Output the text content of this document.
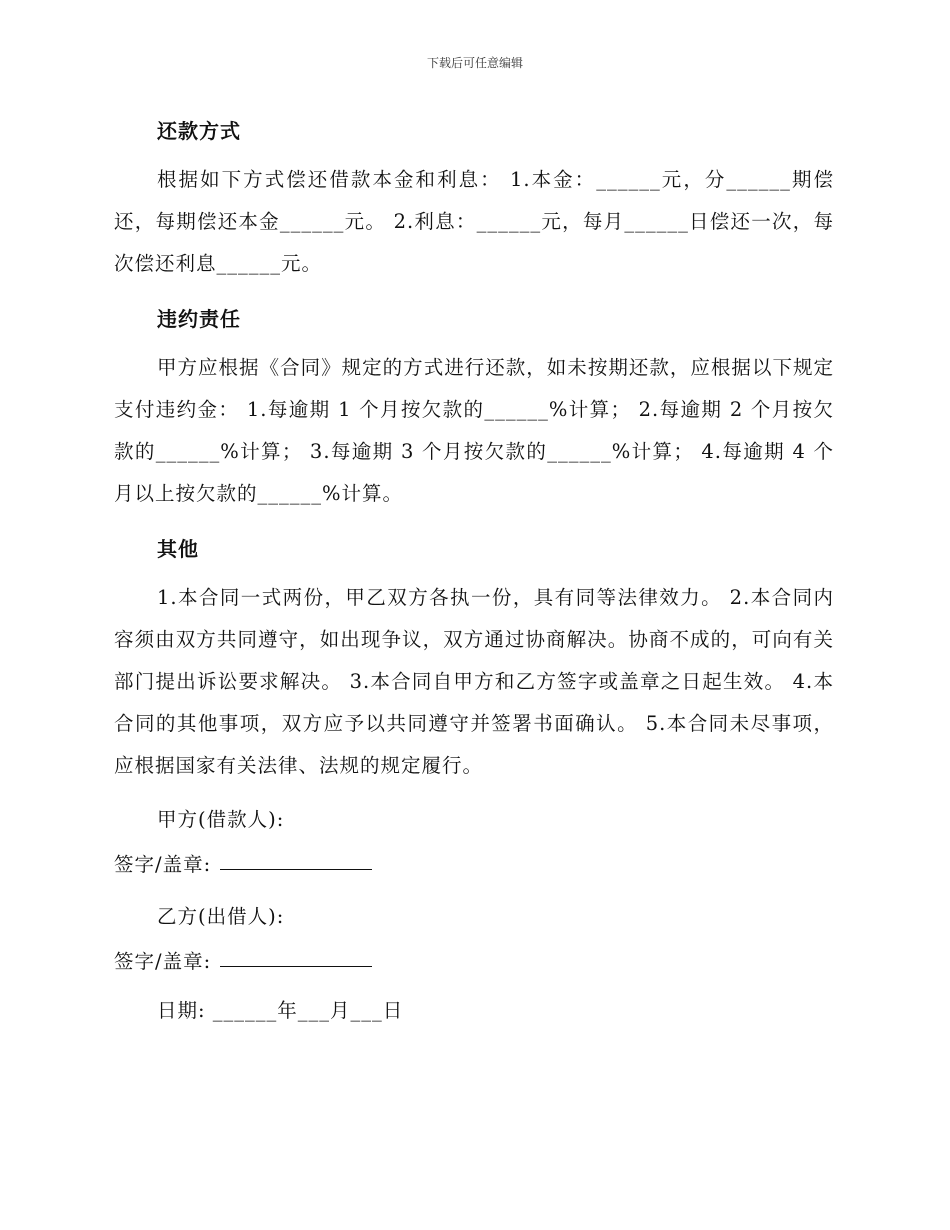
下载后可任意编辑
还款方式
根据如下方式偿还借款本金和利息： 1.本金：______元，分______期偿还，每期偿还本金______元。 2.利息：______元，每月______日偿还一次，每次偿还利息______元。
违约责任
甲方应根据《合同》规定的方式进行还款，如未按期还款，应根据以下规定支付违约金： 1.每逾期 1 个月按欠款的______%计算； 2.每逾期 2 个月按欠款的______%计算； 3.每逾期 3 个月按欠款的______%计算； 4.每逾期 4 个月以上按欠款的______%计算。
其他
1.本合同一式两份，甲乙双方各执一份，具有同等法律效力。 2.本合同内容须由双方共同遵守，如出现争议，双方通过协商解决。协商不成的，可向有关部门提出诉讼要求解决。 3.本合同自甲方和乙方签字或盖章之日起生效。 4.本合同的其他事项，双方应予以共同遵守并签署书面确认。 5.本合同未尽事项，应根据国家有关法律、法规的规定履行。
甲方(借款人):
签字/盖章:
乙方(出借人):
签字/盖章:
日期: ______年___月___日
